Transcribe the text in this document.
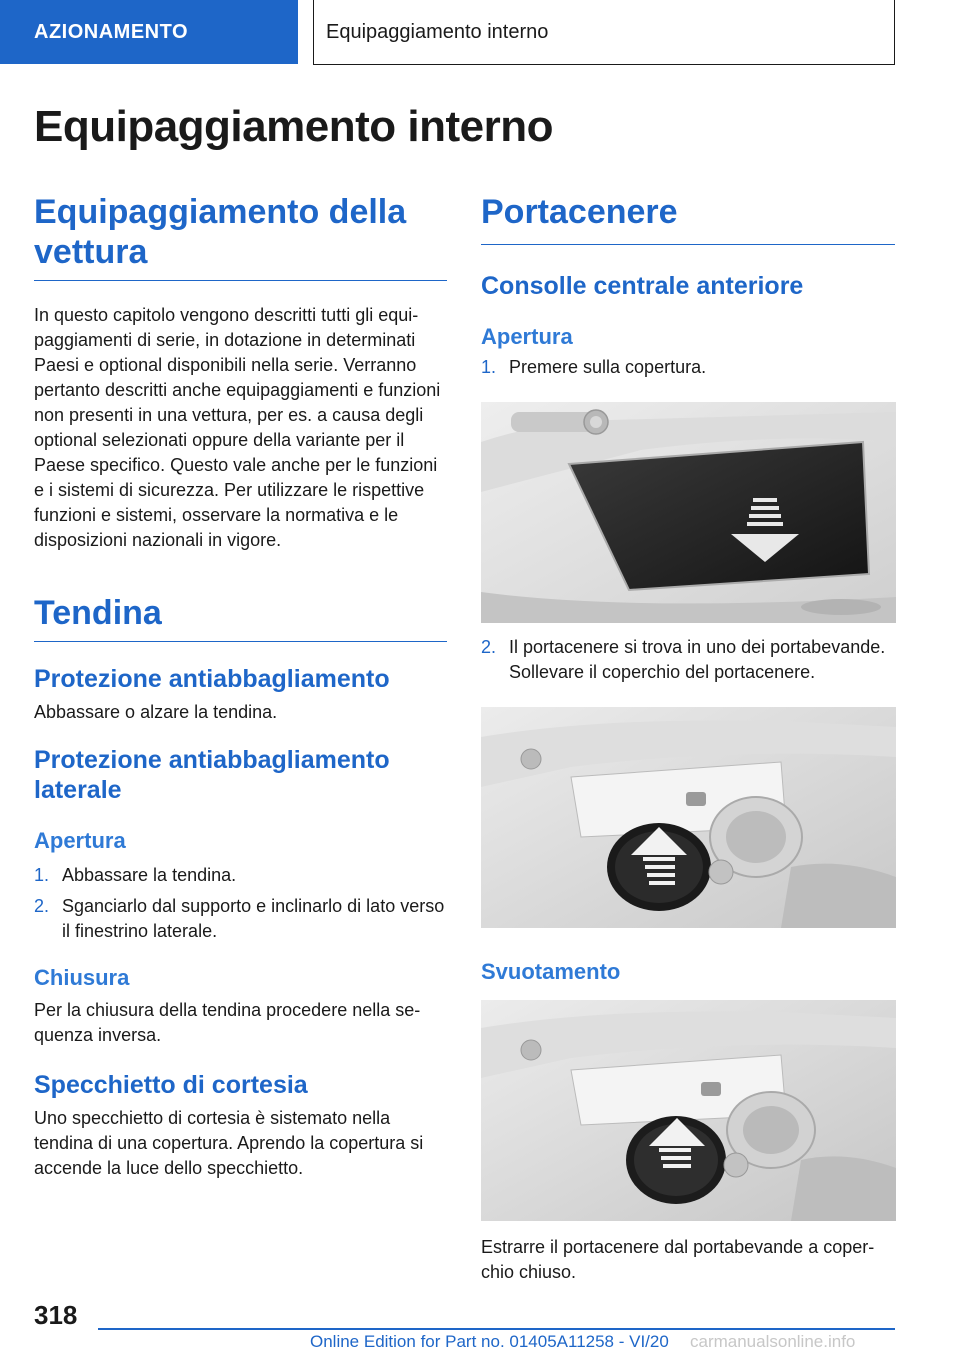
AZIONAMENTO	Equipaggiamento interno
Equipaggiamento interno
Equipaggiamento della vettura
In questo capitolo vengono descritti tutti gli equipaggiamenti di serie, in dotazione in determinati Paesi e optional disponibili nella serie. Verranno pertanto descritti anche equipaggiamenti e funzioni non presenti in una vettura, per es. a causa degli optional selezionati oppure della variante per il Paese specifico. Questo vale anche per le funzioni e i sistemi di sicurezza. Per utilizzare le rispettive funzioni e sistemi, osservare la normativa e le disposizioni nazionali in vigore.
Tendina
Protezione antiabbagliamento
Abbassare o alzare la tendina.
Protezione antiabbagliamento laterale
Apertura
1. Abbassare la tendina.
2. Sganciarlo dal supporto e inclinarlo di lato verso il finestrino laterale.
Chiusura
Per la chiusura della tendina procedere nella sequenza inversa.
Specchietto di cortesia
Uno specchietto di cortesia è sistemato nella tendina di una copertura. Aprendo la copertura si accende la luce dello specchietto.
Portacenere
Consolle centrale anteriore
Apertura
1. Premere sulla copertura.
2. Il portacenere si trova in uno dei portabevande. Sollevare il coperchio del portacenere.
Svuotamento
Estrarre il portacenere dal portabevande a coperchio chiuso.
318
Online Edition for Part no. 01405A11258 - VI/20 carmanualsonline.info
